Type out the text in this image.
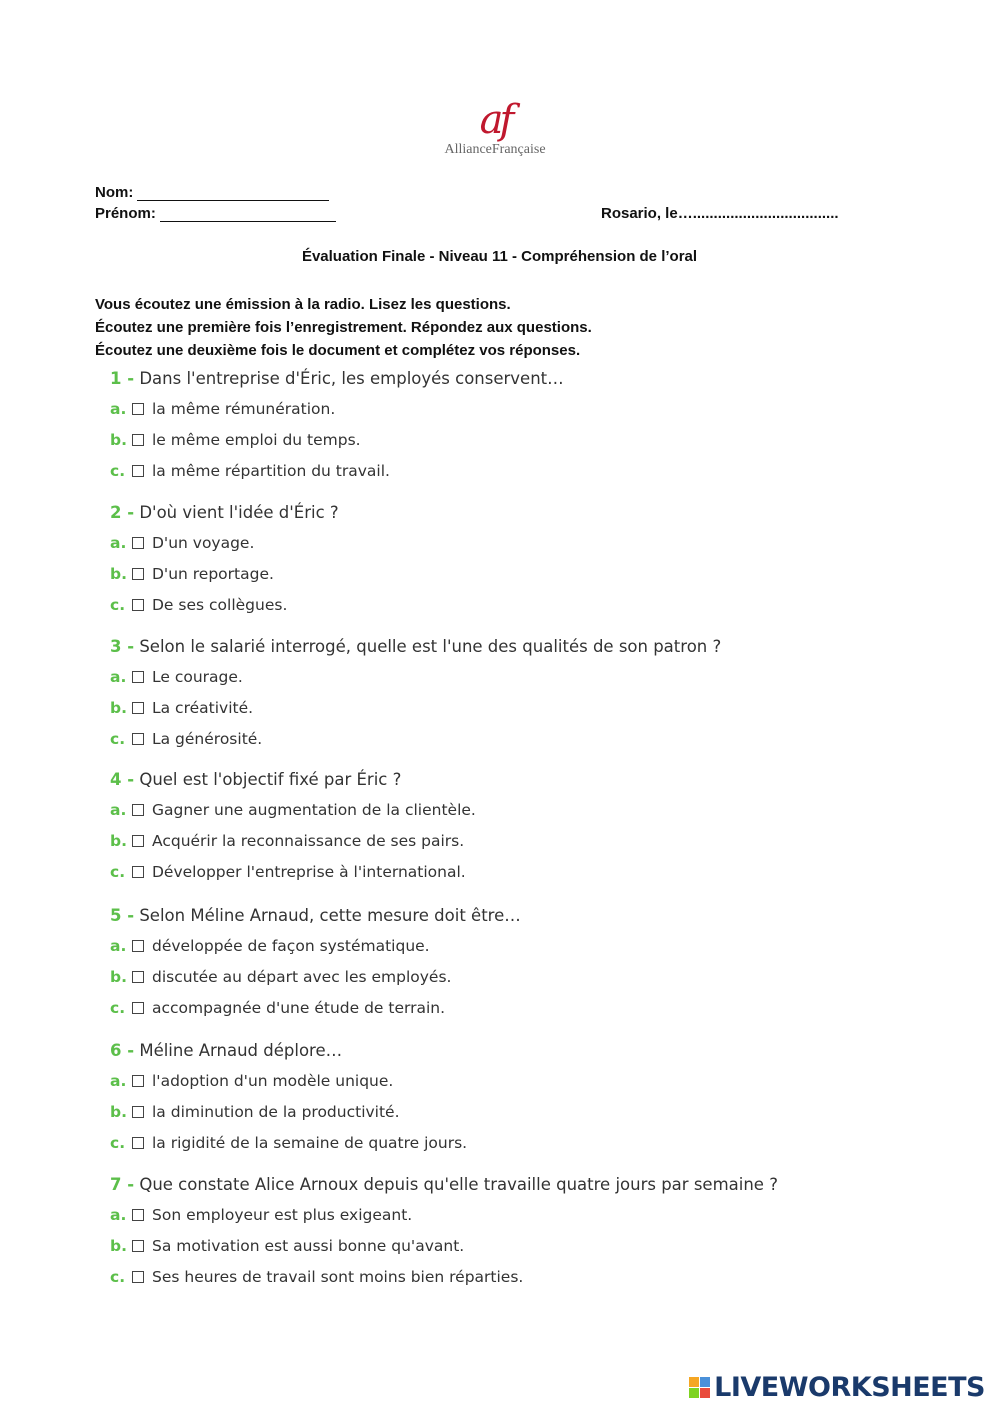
af
AllianceFrançaise
Nom:
Prénom:	Rosario, le…...................................
Évaluation Finale - Niveau 11 - Compréhension de l’oral
Vous écoutez une émission à la radio. Lisez les questions.
Écoutez une première fois l’enregistrement. Répondez aux questions.
Écoutez une deuxième fois le document et complétez vos réponses.
1 - Dans l'entreprise d'Éric, les employés conservent…
a. la même rémunération.
b. le même emploi du temps.
c. la même répartition du travail.
2 - D'où vient l'idée d'Éric ?
a. D'un voyage.
b. D'un reportage.
c. De ses collègues.
3 - Selon le salarié interrogé, quelle est l'une des qualités de son patron ?
a. Le courage.
b. La créativité.
c. La générosité.
4 - Quel est l'objectif fixé par Éric ?
a. Gagner une augmentation de la clientèle.
b. Acquérir la reconnaissance de ses pairs.
c. Développer l'entreprise à l'international.
5 - Selon Méline Arnaud, cette mesure doit être…
a. développée de façon systématique.
b. discutée au départ avec les employés.
c. accompagnée d'une étude de terrain.
6 - Méline Arnaud déplore…
a. l'adoption d'un modèle unique.
b. la diminution de la productivité.
c. la rigidité de la semaine de quatre jours.
7 - Que constate Alice Arnoux depuis qu'elle travaille quatre jours par semaine ?
a. Son employeur est plus exigeant.
b. Sa motivation est aussi bonne qu'avant.
c. Ses heures de travail sont moins bien réparties.
LIVEWORKSHEETS
